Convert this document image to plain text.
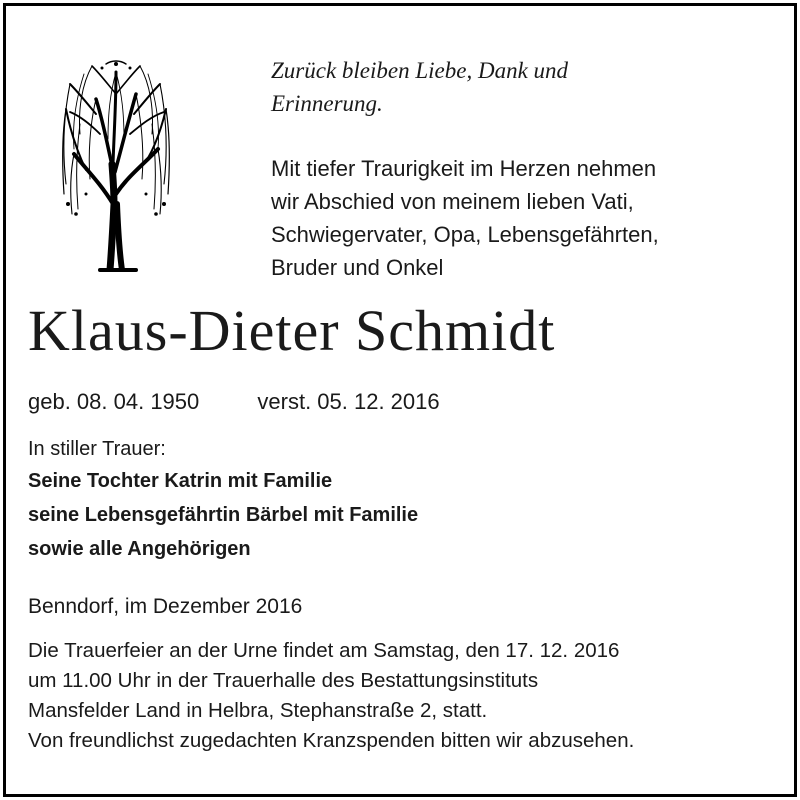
Zurück bleiben Liebe, Dank und
Erinnerung.
Mit tiefer Traurigkeit im Herzen nehmen
wir Abschied von meinem lieben Vati,
Schwiegervater, Opa, Lebensgefährten,
Bruder und Onkel
Klaus-Dieter Schmidt
geb. 08. 04. 1950	verst. 05. 12. 2016
In stiller Trauer:
Seine Tochter Katrin mit Familie
seine Lebensgefährtin Bärbel mit Familie
sowie alle Angehörigen
Benndorf, im Dezember 2016
Die Trauerfeier an der Urne findet am Samstag, den 17. 12. 2016
um 11.00 Uhr in der Trauerhalle des Bestattungsinstituts
Mansfelder Land in Helbra, Stephanstraße 2, statt.
Von freundlichst zugedachten Kranzspenden bitten wir abzusehen.
